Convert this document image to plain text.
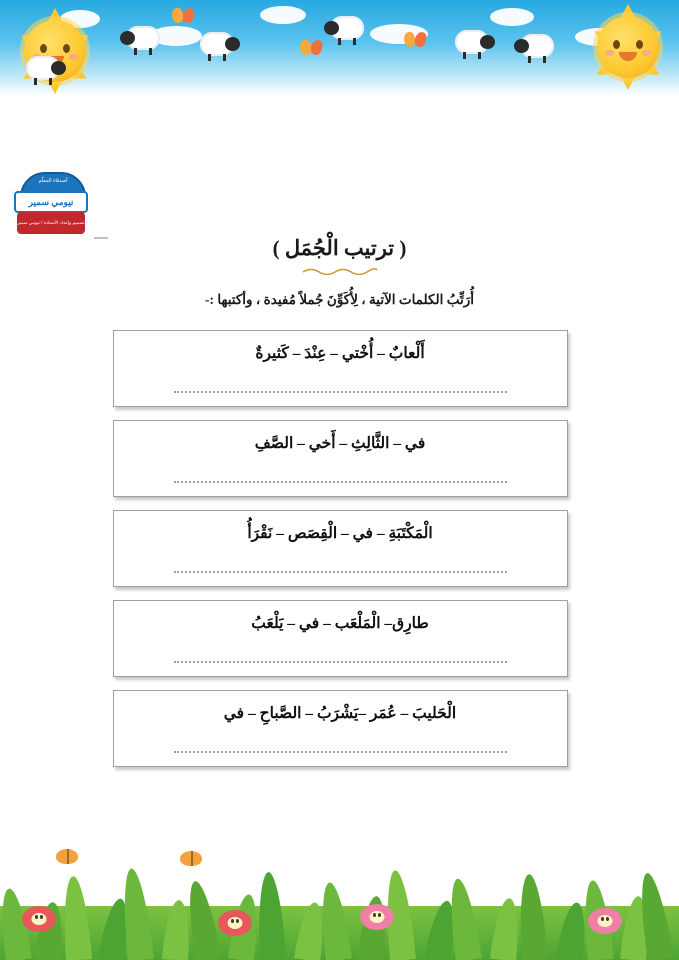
أصدقاء المعلّم
نيومي سمير
تصميم وإعداد الأستاذة / نيومي سمير
( ترتيب الْجُمَل )
أُرَتِّبُ الكلمات الآتية ، لِأُكَوِّنَ جُملاً مُفيدة ، وأكتبها :-
أَلْعابٌ – أُخْتي – عِنْدَ – كَثيرةٌ
في – الثَّالِثِ – أَخي – الصَّفِ
الْمَكْتَبَةِ – في – الْقِصَص – نَقْرَأُ
طارِق– الْمَلْعَب – في – يَلْعَبُ
الْحَليبَ – عُمَر –يَشْرَبُ – الصَّباحِ – في
